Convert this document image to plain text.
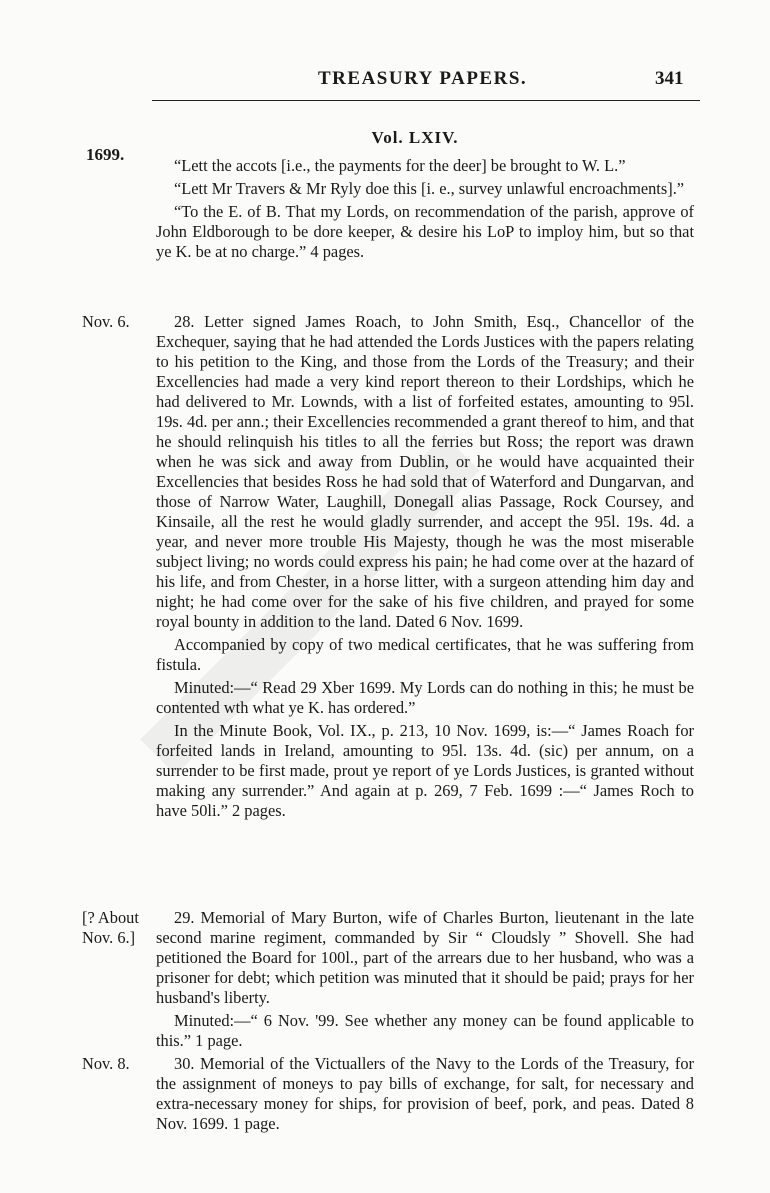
TREASURY PAPERS.	341
Vol. LXIV.
1699.

“Lett the accots [i.e., the payments for the deer] be brought to W. L.”

“Lett Mr Travers & Mr Ryly doe this [i. e., survey unlawful encroachments].”

“To the E. of B. That my Lords, on recommendation of the parish, approve of John Eldborough to be dore keeper, & desire his LoP to imploy him, but so that ye K. be at no charge.” 4 pages.

Nov. 6.	28. Letter signed James Roach, to John Smith, Esq., Chancellor of the Exchequer, saying that he had attended the Lords Justices with the papers relating to his petition to the King, and those from the Lords of the Treasury; and their Excellencies had made a very kind report thereon to their Lordships, which he had delivered to Mr. Lownds, with a list of forfeited estates, amounting to 95l. 19s. 4d. per ann.; their Excellencies recommended a grant thereof to him, and that he should relinquish his titles to all the ferries but Ross; the report was drawn when he was sick and away from Dublin, or he would have acquainted their Excellencies that besides Ross he had sold that of Waterford and Dungarvan, and those of Narrow Water, Laughill, Donegall alias Passage, Rock Coursey, and Kinsaile, all the rest he would gladly surrender, and accept the 95l. 19s. 4d. a year, and never more trouble His Majesty, though he was the most miserable subject living; no words could express his pain; he had come over at the hazard of his life, and from Chester, in a horse litter, with a surgeon attending him day and night; he had come over for the sake of his five children, and prayed for some royal bounty in addition to the land. Dated 6 Nov. 1699.

Accompanied by copy of two medical certificates, that he was suffering from fistula.

Minuted:—“ Read 29 Xber 1699. My Lords can do nothing in this; he must be contented wth what ye K. has ordered.”

In the Minute Book, Vol. IX., p. 213, 10 Nov. 1699, is:—“ James Roach for forfeited lands in Ireland, amounting to 95l. 13s. 4d. (sic) per annum, on a surrender to be first made, prout ye report of ye Lords Justices, is granted without making any surrender.” And again at p. 269, 7 Feb. 1699 :—“ James Roch to have 50li.” 2 pages.

[? About Nov. 6.]

29. Memorial of Mary Burton, wife of Charles Burton, lieutenant in the late second marine regiment, commanded by Sir “ Cloudsly ” Shovell. She had petitioned the Board for 100l., part of the arrears due to her husband, who was a prisoner for debt; which petition was minuted that it should be paid; prays for her husband's liberty.

Minuted:—“ 6 Nov. '99. See whether any money can be found applicable to this.” 1 page.

Nov. 8.	30. Memorial of the Victuallers of the Navy to the Lords of the Treasury, for the assignment of moneys to pay bills of exchange, for salt, for necessary and extra-necessary money for ships, for provision of beef, pork, and peas. Dated 8 Nov. 1699. 1 page.
